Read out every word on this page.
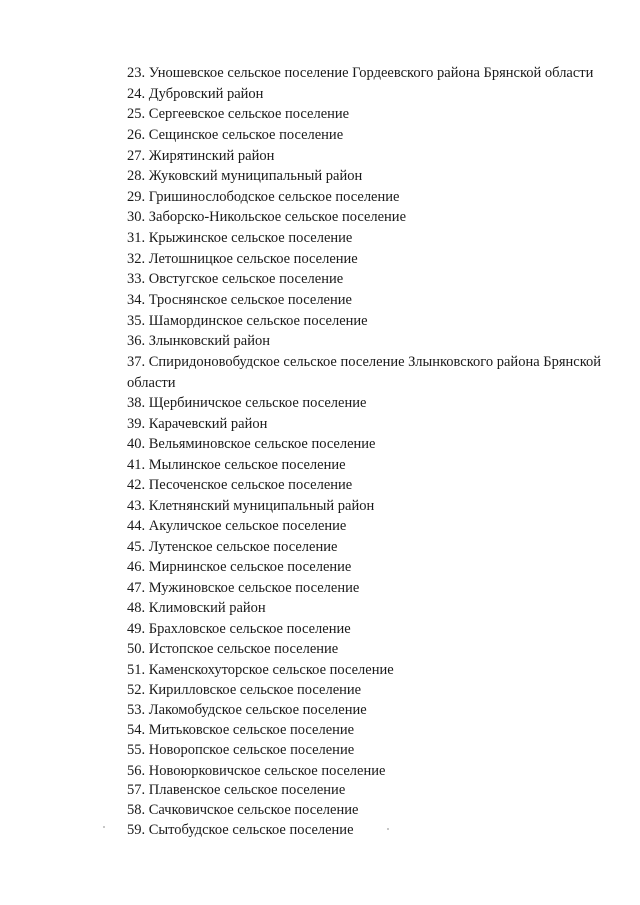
23. Уношевское сельское поселение Гордеевского района Брянской области
24. Дубровский район
25. Сергеевское сельское поселение
26. Сещинское сельское поселение
27. Жирятинский район
28. Жуковский муниципальный район
29. Гришинослободское сельское поселение
30. Заборско-Никольское сельское поселение
31. Крыжинское сельское поселение
32. Летошницкое сельское поселение
33. Овстугское сельское поселение
34. Троснянское сельское поселение
35. Шамординское сельское поселение
36. Злынковский район
37. Спиридоновобудское сельское поселение Злынковского района Брянской
области
38. Щербиничское сельское поселение
39. Карачевский район
40. Вельяминовское сельское поселение
41. Мылинское сельское поселение
42. Песоченское сельское поселение
43. Клетнянский муниципальный район
44. Акуличское сельское поселение
45. Лутенское сельское поселение
46. Мирнинское сельское поселение
47. Мужиновское сельское поселение
48. Климовский район
49. Брахловское сельское поселение
50. Истопское сельское поселение
51. Каменскохуторское сельское поселение
52. Кирилловское сельское поселение
53. Лакомобудское сельское поселение
54. Митьковское сельское поселение
55. Новоропское сельское поселение
56. Новоюрковичское сельское поселение
57. Плавенское сельское поселение
58. Сачковичское сельское поселение
59. Сытобудское сельское поселение
